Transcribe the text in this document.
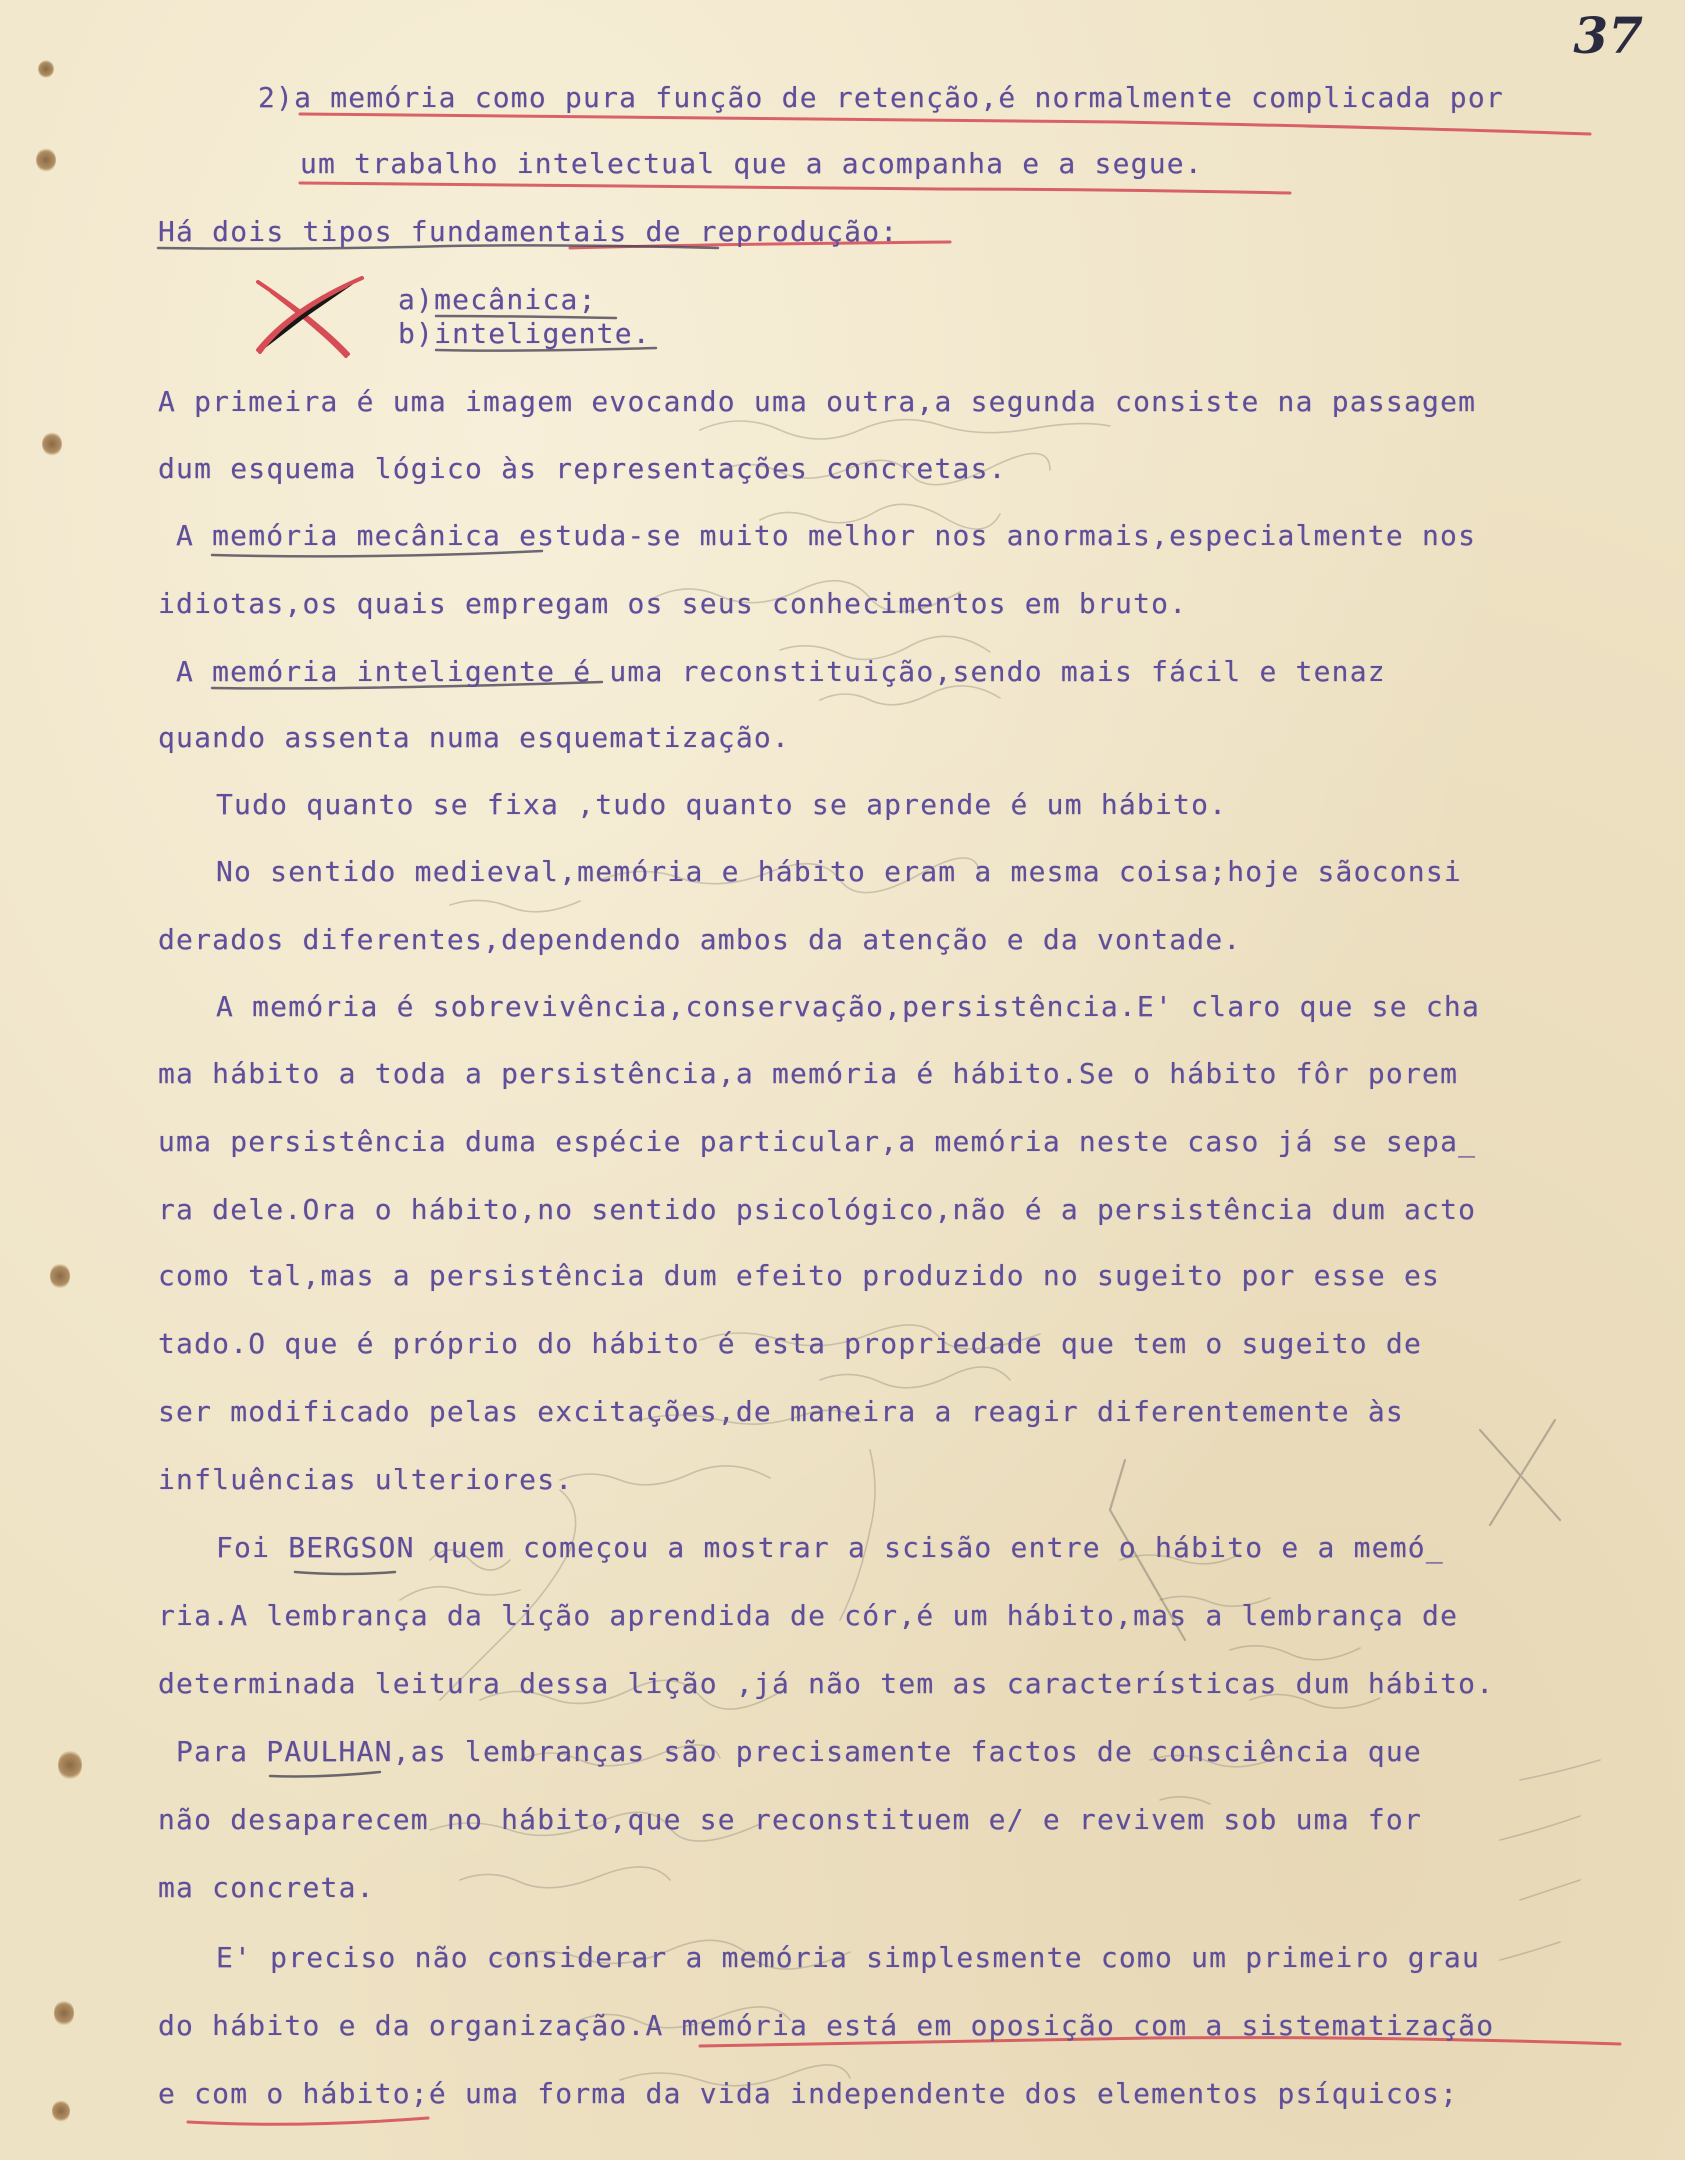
37
2)a memória como pura função de retenção,é normalmente complicada por
um trabalho intelectual que a acompanha e a segue.
Há dois tipos fundamentais de reprodução:
a)mecânica;
b)inteligente.
A primeira é uma imagem evocando uma outra,a segunda consiste na passagem
dum esquema lógico às representações concretas.
A memória mecânica estuda-se muito melhor nos anormais,especialmente nos
idiotas,os quais empregam os seus conhecimentos em bruto.
A memória inteligente é uma reconstituição,sendo mais fácil e tenaz
quando assenta numa esquematização.
Tudo quanto se fixa ,tudo quanto se aprende é um hábito.
No sentido medieval,memória e hábito eram a mesma coisa;hoje sãoconsi
derados diferentes,dependendo ambos da atenção e da vontade.
A memória é sobrevivência,conservação,persistência.E' claro que se cha
ma hábito a toda a persistência,a memória é hábito.Se o hábito fôr porem
uma persistência duma espécie particular,a memória neste caso já se sepa_
ra dele.Ora o hábito,no sentido psicológico,não é a persistência dum acto
como tal,mas a persistência dum efeito produzido no sugeito por esse es
tado.O que é próprio do hábito é esta propriedade que tem o sugeito de
ser modificado pelas excitações,de maneira a reagir diferentemente às
influências ulteriores.
Foi BERGSON quem começou a mostrar a scisão entre o hábito e a memó_
ria.A lembrança da lição aprendida de cór,é um hábito,mas a lembrança de
determinada leitura dessa lição ,já não tem as características dum hábito.
Para PAULHAN,as lembranças são precisamente factos de consciência que
não desaparecem no hábito,que se reconstituem e/ e revivem sob uma for
ma concreta.
E' preciso não considerar a memória simplesmente como um primeiro grau
do hábito e da organização.A memória está em oposição com a sistematização
e com o hábito;é uma forma da vida independente dos elementos psíquicos;
